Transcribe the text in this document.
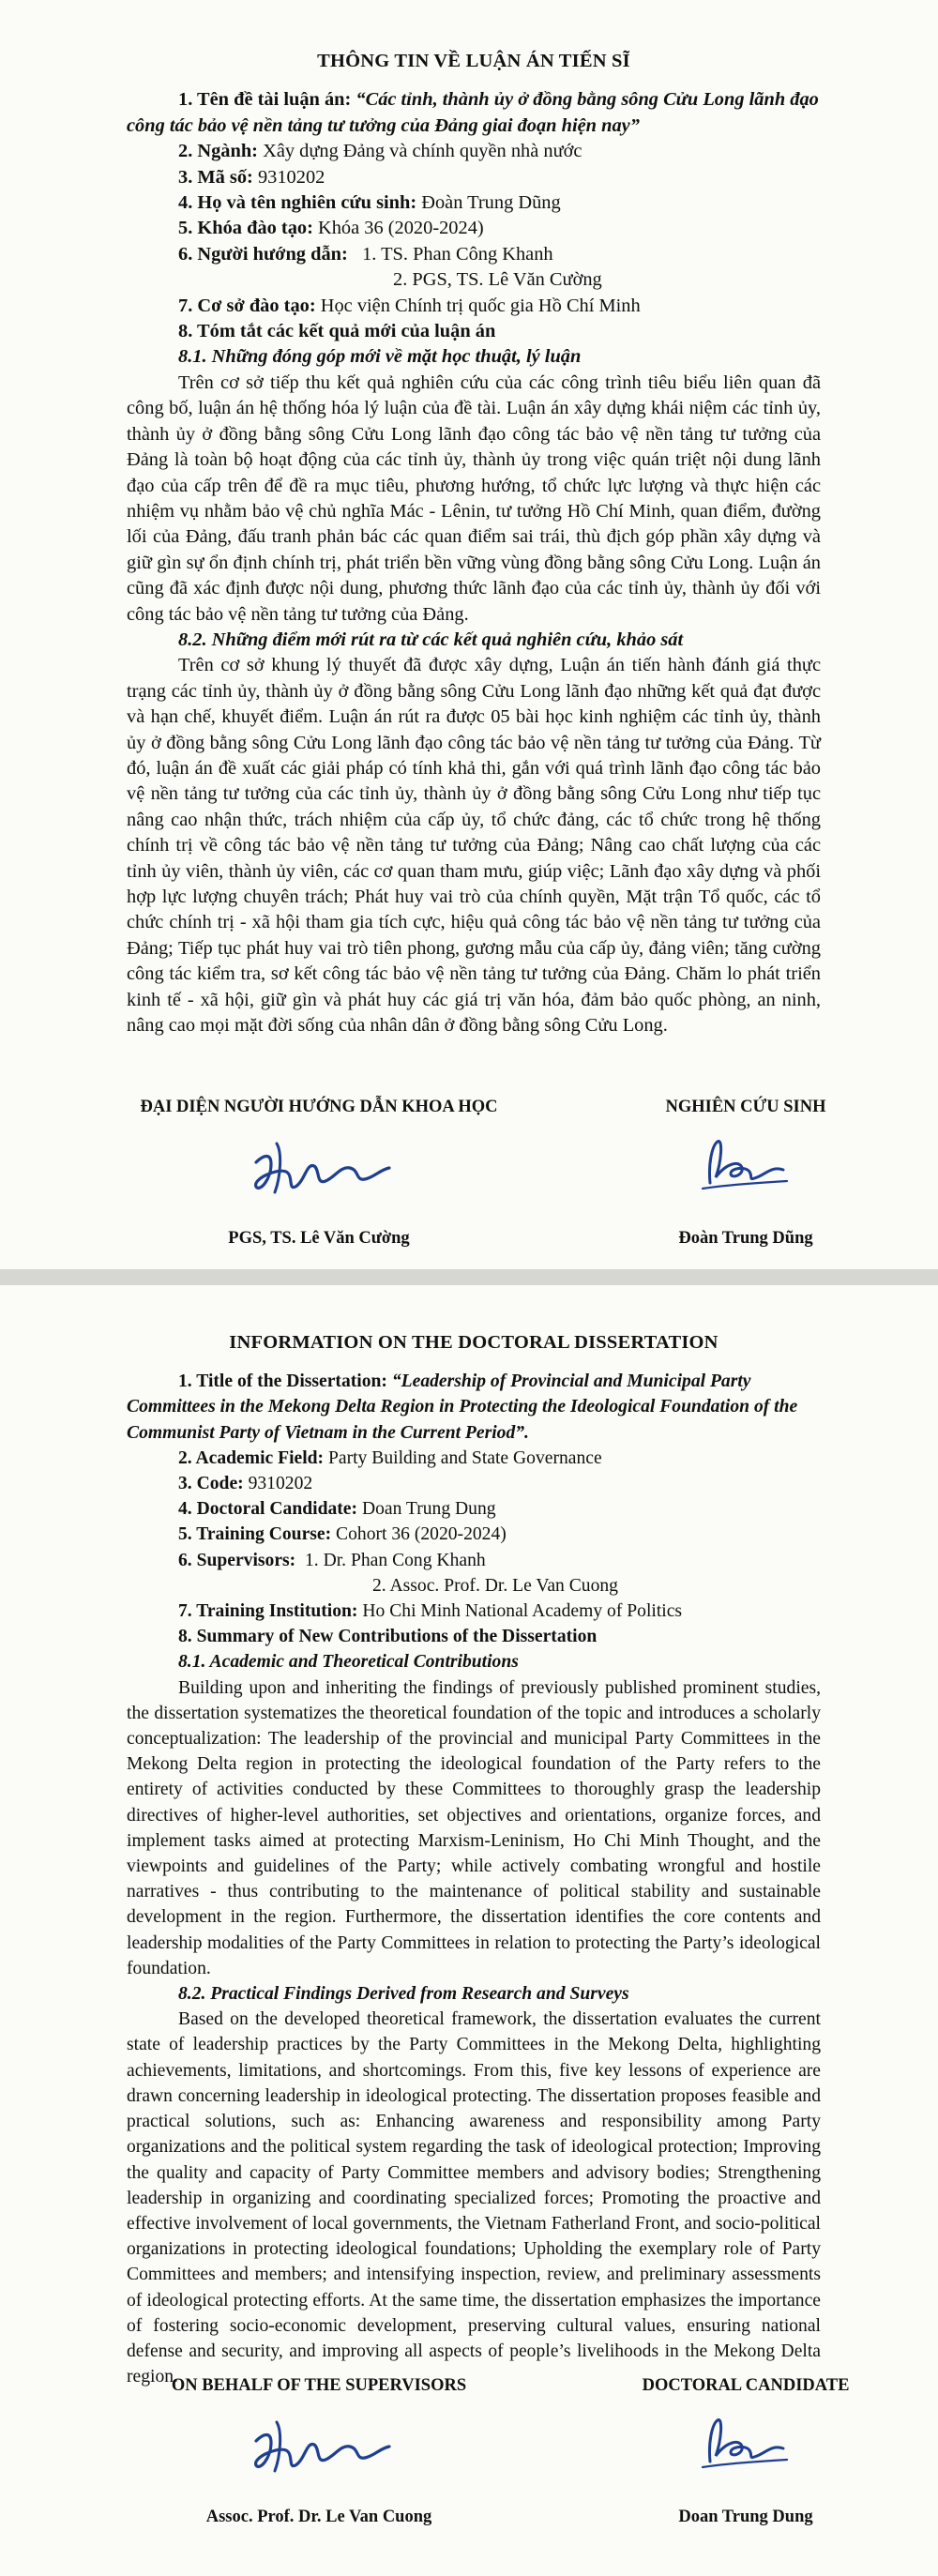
THÔNG TIN VỀ LUẬN ÁN TIẾN SĨ

1. Tên đề tài luận án: “Các tỉnh, thành ủy ở đồng bằng sông Cửu Long lãnh đạo công tác bảo vệ nền tảng tư tưởng của Đảng giai đoạn hiện nay”

2. Ngành: Xây dựng Đảng và chính quyền nhà nước

3. Mã số: 9310202

4. Họ và tên nghiên cứu sinh: Đoàn Trung Dũng

5. Khóa đào tạo: Khóa 36 (2020-2024)

6. Người hướng dẫn: 1. TS. Phan Công Khanh

2. PGS, TS. Lê Văn Cường

7. Cơ sở đào tạo: Học viện Chính trị quốc gia Hồ Chí Minh

8. Tóm tắt các kết quả mới của luận án

8.1. Những đóng góp mới về mặt học thuật, lý luận

Trên cơ sở tiếp thu kết quả nghiên cứu của các công trình tiêu biểu liên quan đã công bố, luận án hệ thống hóa lý luận của đề tài. Luận án xây dựng khái niệm các tỉnh ủy, thành ủy ở đồng bằng sông Cửu Long lãnh đạo công tác bảo vệ nền tảng tư tưởng của Đảng là toàn bộ hoạt động của các tỉnh ủy, thành ủy trong việc quán triệt nội dung lãnh đạo của cấp trên để đề ra mục tiêu, phương hướng, tổ chức lực lượng và thực hiện các nhiệm vụ nhằm bảo vệ chủ nghĩa Mác - Lênin, tư tưởng Hồ Chí Minh, quan điểm, đường lối của Đảng, đấu tranh phản bác các quan điểm sai trái, thù địch góp phần xây dựng và giữ gìn sự ổn định chính trị, phát triển bền vững vùng đồng bằng sông Cửu Long. Luận án cũng đã xác định được nội dung, phương thức lãnh đạo của các tỉnh ủy, thành ủy đối với công tác bảo vệ nền tảng tư tưởng của Đảng.

8.2. Những điểm mới rút ra từ các kết quả nghiên cứu, khảo sát

Trên cơ sở khung lý thuyết đã được xây dựng, Luận án tiến hành đánh giá thực trạng các tỉnh ủy, thành ủy ở đồng bằng sông Cửu Long lãnh đạo những kết quả đạt được và hạn chế, khuyết điểm. Luận án rút ra được 05 bài học kinh nghiệm các tỉnh ủy, thành ủy ở đồng bằng sông Cửu Long lãnh đạo công tác bảo vệ nền tảng tư tưởng của Đảng. Từ đó, luận án đề xuất các giải pháp có tính khả thi, gắn với quá trình lãnh đạo công tác bảo vệ nền tảng tư tưởng của các tỉnh ủy, thành ủy ở đồng bằng sông Cửu Long như tiếp tục nâng cao nhận thức, trách nhiệm của cấp ủy, tổ chức đảng, các tổ chức trong hệ thống chính trị về công tác bảo vệ nền tảng tư tưởng của Đảng; Nâng cao chất lượng của các tỉnh ủy viên, thành ủy viên, các cơ quan tham mưu, giúp việc; Lãnh đạo xây dựng và phối hợp lực lượng chuyên trách; Phát huy vai trò của chính quyền, Mặt trận Tổ quốc, các tổ chức chính trị - xã hội tham gia tích cực, hiệu quả công tác bảo vệ nền tảng tư tưởng của Đảng; Tiếp tục phát huy vai trò tiên phong, gương mẫu của cấp ủy, đảng viên; tăng cường công tác kiểm tra, sơ kết công tác bảo vệ nền tảng tư tưởng của Đảng. Chăm lo phát triển kinh tế - xã hội, giữ gìn và phát huy các giá trị văn hóa, đảm bảo quốc phòng, an ninh, nâng cao mọi mặt đời sống của nhân dân ở đồng bằng sông Cửu Long.

ĐẠI DIỆN NGƯỜI HƯỚNG DẪN KHOA HỌC
PGS, TS. Lê Văn Cường
NGHIÊN CỨU SINH
Đoàn Trung Dũng

INFORMATION ON THE DOCTORAL DISSERTATION

1. Title of the Dissertation: “Leadership of Provincial and Municipal Party Committees in the Mekong Delta Region in Protecting the Ideological Foundation of the Communist Party of Vietnam in the Current Period”.

2. Academic Field: Party Building and State Governance

3. Code: 9310202

4. Doctoral Candidate: Doan Trung Dung

5. Training Course: Cohort 36 (2020-2024)

6. Supervisors: 1. Dr. Phan Cong Khanh

2. Assoc. Prof. Dr. Le Van Cuong

7. Training Institution: Ho Chi Minh National Academy of Politics

8. Summary of New Contributions of the Dissertation

8.1. Academic and Theoretical Contributions

Building upon and inheriting the findings of previously published prominent studies, the dissertation systematizes the theoretical foundation of the topic and introduces a scholarly conceptualization: The leadership of the provincial and municipal Party Committees in the Mekong Delta region in protecting the ideological foundation of the Party refers to the entirety of activities conducted by these Committees to thoroughly grasp the leadership directives of higher-level authorities, set objectives and orientations, organize forces, and implement tasks aimed at protecting Marxism-Leninism, Ho Chi Minh Thought, and the viewpoints and guidelines of the Party; while actively combating wrongful and hostile narratives - thus contributing to the maintenance of political stability and sustainable development in the region. Furthermore, the dissertation identifies the core contents and leadership modalities of the Party Committees in relation to protecting the Party’s ideological foundation.

8.2. Practical Findings Derived from Research and Surveys

Based on the developed theoretical framework, the dissertation evaluates the current state of leadership practices by the Party Committees in the Mekong Delta, highlighting achievements, limitations, and shortcomings. From this, five key lessons of experience are drawn concerning leadership in ideological protecting. The dissertation proposes feasible and practical solutions, such as: Enhancing awareness and responsibility among Party organizations and the political system regarding the task of ideological protection; Improving the quality and capacity of Party Committee members and advisory bodies; Strengthening leadership in organizing and coordinating specialized forces; Promoting the proactive and effective involvement of local governments, the Vietnam Fatherland Front, and socio-political organizations in protecting ideological foundations; Upholding the exemplary role of Party Committees and members; and intensifying inspection, review, and preliminary assessments of ideological protecting efforts. At the same time, the dissertation emphasizes the importance of fostering socio-economic development, preserving cultural values, ensuring national defense and security, and improving all aspects of people’s livelihoods in the Mekong Delta region.

ON BEHALF OF THE SUPERVISORS
Assoc. Prof. Dr. Le Van Cuong
DOCTORAL CANDIDATE
Doan Trung Dung
